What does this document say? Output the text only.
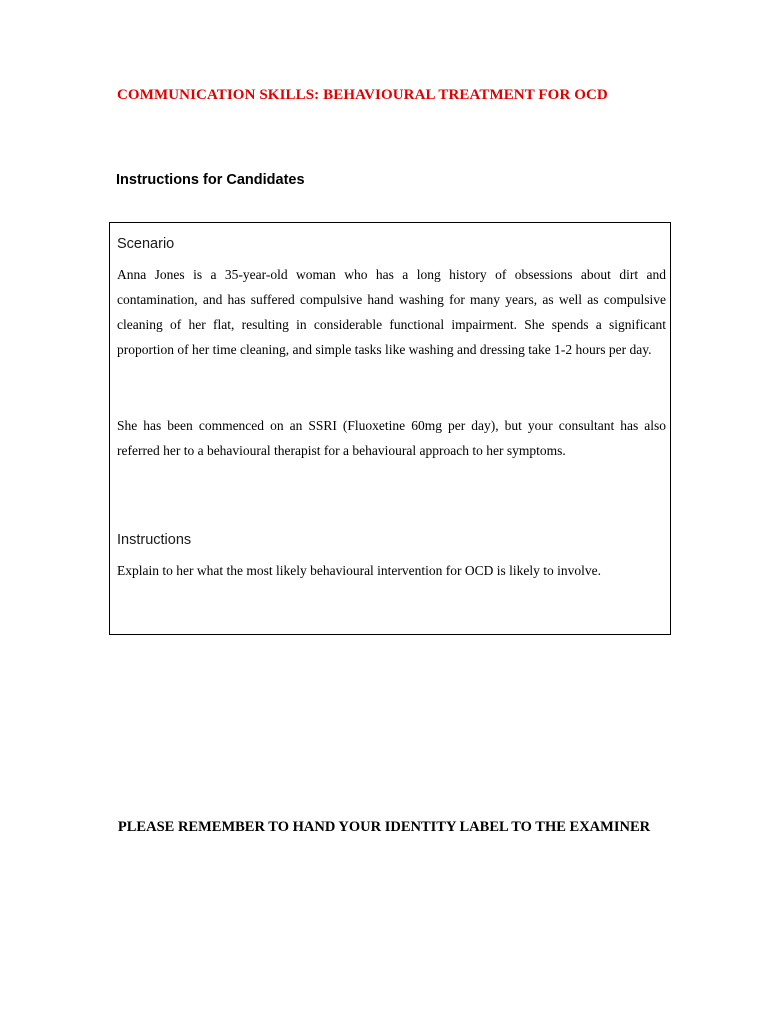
COMMUNICATION SKILLS: BEHAVIOURAL TREATMENT FOR OCD
Instructions for Candidates
Scenario

Anna Jones is a 35-year-old woman who has a long history of obsessions about dirt and contamination, and has suffered compulsive hand washing for many years, as well as compulsive cleaning of her flat, resulting in considerable functional impairment. She spends a significant proportion of her time cleaning, and simple tasks like washing and dressing take 1-2 hours per day.

She has been commenced on an SSRI (Fluoxetine 60mg per day), but your consultant has also referred her to a behavioural therapist for a behavioural approach to her symptoms.

Instructions

Explain to her what the most likely behavioural intervention for OCD is likely to involve.

PLEASE REMEMBER TO HAND YOUR IDENTITY LABEL TO THE EXAMINER
